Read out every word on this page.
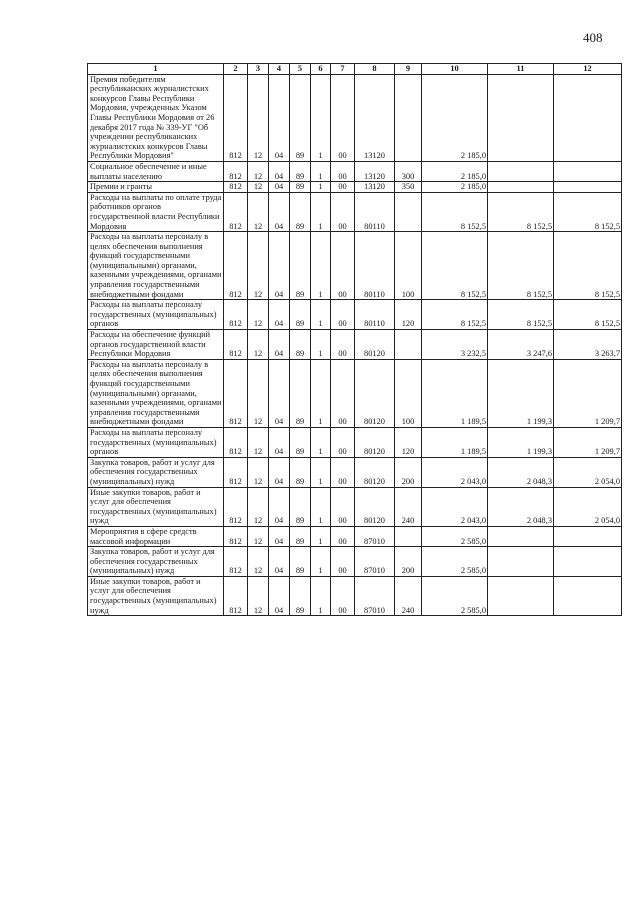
408
1	2	3	4	5	6	7	8	9	10	11	12
Премия победителям республиканских журналистских конкурсов Главы Республики Мордовия, учрежденных Указом Главы Республики Мордовия от 26 декабря 2017 года № 339-УГ "Об учреждении республиканских журналистских конкурсов Главы Республики Мордовия"	812	12	04	89	1	00	13120		2 185,0		
Социальное обеспечение и иные выплаты населению	812	12	04	89	1	00	13120	300	2 185,0		
Премии и гранты	812	12	04	89	1	00	13120	350	2 185,0		
Расходы на выплаты по оплате труда работников органов государственной власти Республики Мордовия	812	12	04	89	1	00	80110		8 152,5	8 152,5	8 152,5
Расходы на выплаты персоналу в целях обеспечения выполнения функций государственными (муниципальными) органами, казенными учреждениями, органами управления государственными внебюджетными фондами	812	12	04	89	1	00	80110	100	8 152,5	8 152,5	8 152,5
Расходы на выплаты персоналу государственных (муниципальных) органов	812	12	04	89	1	00	80110	120	8 152,5	8 152,5	8 152,5
Расходы на обеспечение функций органов государственной власти Республики Мордовия	812	12	04	89	1	00	80120		3 232,5	3 247,6	3 263,7
Расходы на выплаты персоналу в целях обеспечения выполнения функций государственными (муниципальными) органами, казенными учреждениями, органами управления государственными внебюджетными фондами	812	12	04	89	1	00	80120	100	1 189,5	1 199,3	1 209,7
Расходы на выплаты персоналу государственных (муниципальных) органов	812	12	04	89	1	00	80120	120	1 189,5	1 199,3	1 209,7
Закупка товаров, работ и услуг для обеспечения государственных (муниципальных) нужд	812	12	04	89	1	00	80120	200	2 043,0	2 048,3	2 054,0
Иные закупки товаров, работ и услуг для обеспечения государственных (муниципальных) нужд	812	12	04	89	1	00	80120	240	2 043,0	2 048,3	2 054,0
Мероприятия в сфере средств массовой информации	812	12	04	89	1	00	87010		2 585,0		
Закупка товаров, работ и услуг для обеспечения государственных (муниципальных) нужд	812	12	04	89	1	00	87010	200	2 585,0		
Иные закупки товаров, работ и услуг для обеспечения государственных (муниципальных) нужд	812	12	04	89	1	00	87010	240	2 585,0		
